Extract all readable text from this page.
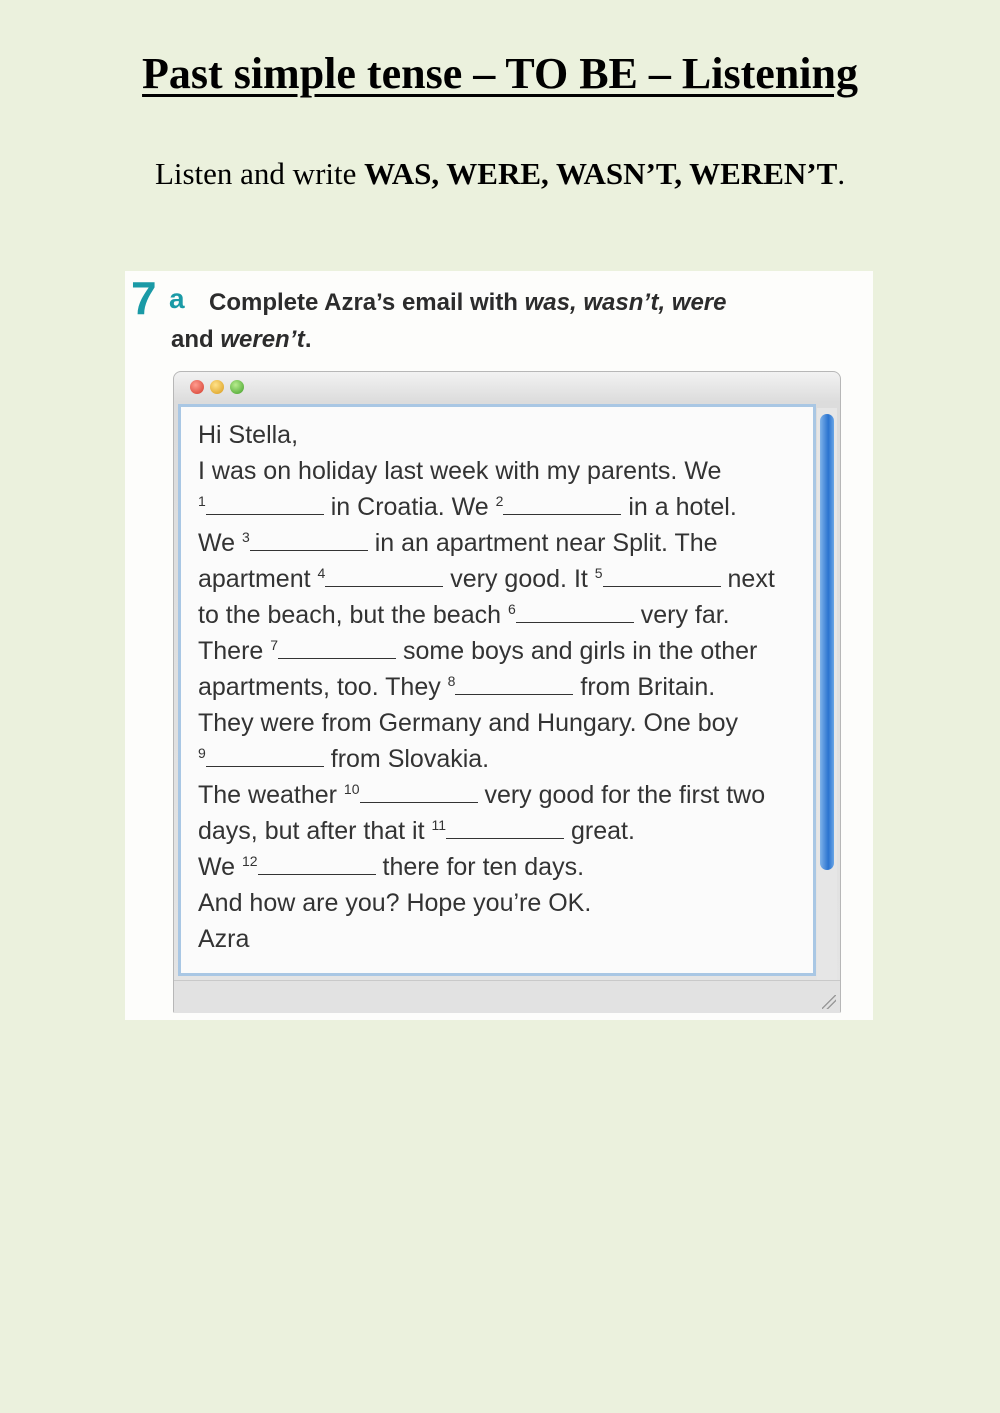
Past simple tense – TO BE – Listening

Listen and write WAS, WERE, WASN’T, WEREN’T.

7 a Complete Azra’s email with was, wasn’t, were
and weren’t.
Hi Stella,
I was on holiday last week with my parents. We
$^1$	in Croatia. We $^2$	in a hotel.
We $^3$	in an apartment near Split. The
apartment $^4$	very good. It $^5$	next
to the beach, but the beach $^6$	very far.
There $^7$	some boys and girls in the other
apartments, too. They $^8$	from Britain.
They were from Germany and Hungary. One boy
$^9$	from Slovakia.
The weather $^{10}$	very good for the first two
days, but after that it $^{11}$	great.
We $^{12}$	there for ten days.
And how are you? Hope you’re OK.
Azra
